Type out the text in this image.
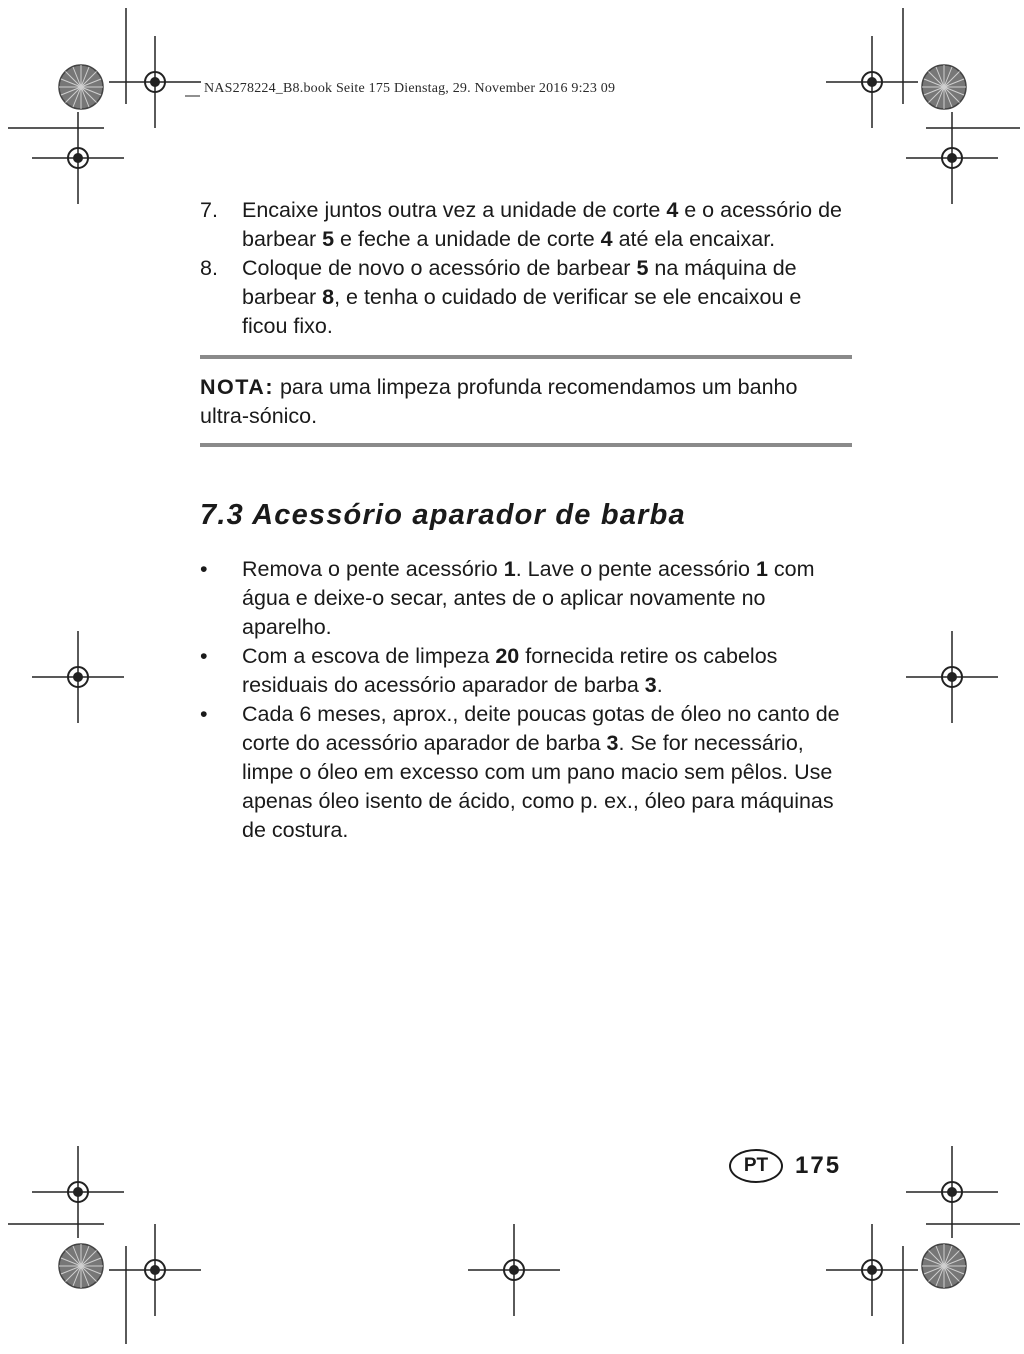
NAS278224_B8.book Seite 175 Dienstag, 29. November 2016 9:23 09
7. Encaixe juntos outra vez a unidade de corte 4 e o acessório de barbear 5 e feche a unidade de corte 4 até ela encaixar.
8. Coloque de novo o acessório de barbear 5 na máquina de barbear 8, e tenha o cuidado de verificar se ele encaixou e ficou fixo.
NOTA: para uma limpeza profunda recomendamos um banho ultra-sónico.
7.3 Acessório aparador de barba
• Remova o pente acessório 1. Lave o pente acessório 1 com água e deixe-o secar, antes de o aplicar novamente no aparelho.
• Com a escova de limpeza 20 fornecida retire os cabelos residuais do acessório aparador de barba 3.
• Cada 6 meses, aprox., deite poucas gotas de óleo no canto de corte do acessório aparador de barba 3. Se for necessário, limpe o óleo em excesso com um pano macio sem pêlos. Use apenas óleo isento de ácido, como p. ex., óleo para máquinas de costura.
PT	175
